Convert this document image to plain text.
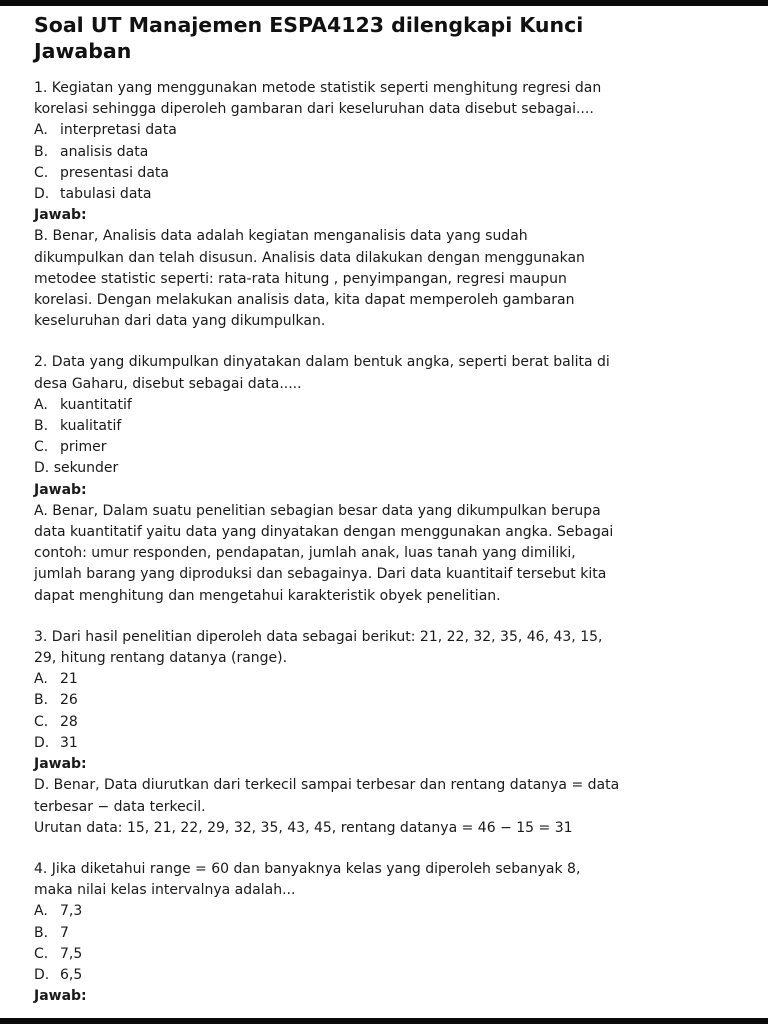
Soal UT Manajemen ESPA4123 dilengkapi Kunci
Jawaban
1. Kegiatan yang menggunakan metode statistik seperti menghitung regresi dan
korelasi sehingga diperoleh gambaran dari keseluruhan data disebut sebagai....
A. interpretasi data
B. analisis data
C. presentasi data
D. tabulasi data
Jawab:
B. Benar, Analisis data adalah kegiatan menganalisis data yang sudah
dikumpulkan dan telah disusun. Analisis data dilakukan dengan menggunakan
metodee statistic seperti: rata-rata hitung , penyimpangan, regresi maupun
korelasi. Dengan melakukan analisis data, kita dapat memperoleh gambaran
keseluruhan dari data yang dikumpulkan.
2. Data yang dikumpulkan dinyatakan dalam bentuk angka, seperti berat balita di
desa Gaharu, disebut sebagai data.....
A. kuantitatif
B. kualitatif
C. primer
D. sekunder
Jawab:
A. Benar, Dalam suatu penelitian sebagian besar data yang dikumpulkan berupa
data kuantitatif yaitu data yang dinyatakan dengan menggunakan angka. Sebagai
contoh: umur responden, pendapatan, jumlah anak, luas tanah yang dimiliki,
jumlah barang yang diproduksi dan sebagainya. Dari data kuantitaif tersebut kita
dapat menghitung dan mengetahui karakteristik obyek penelitian.
3. Dari hasil penelitian diperoleh data sebagai berikut: 21, 22, 32, 35, 46, 43, 15,
29, hitung rentang datanya (range).
A. 21
B. 26
C. 28
D. 31
Jawab:
D. Benar, Data diurutkan dari terkecil sampai terbesar dan rentang datanya = data
terbesar − data terkecil.
Urutan data: 15, 21, 22, 29, 32, 35, 43, 45, rentang datanya = 46 − 15 = 31
4. Jika diketahui range = 60 dan banyaknya kelas yang diperoleh sebanyak 8,
maka nilai kelas intervalnya adalah...
A. 7,3
B. 7
C. 7,5
D. 6,5
Jawab:
